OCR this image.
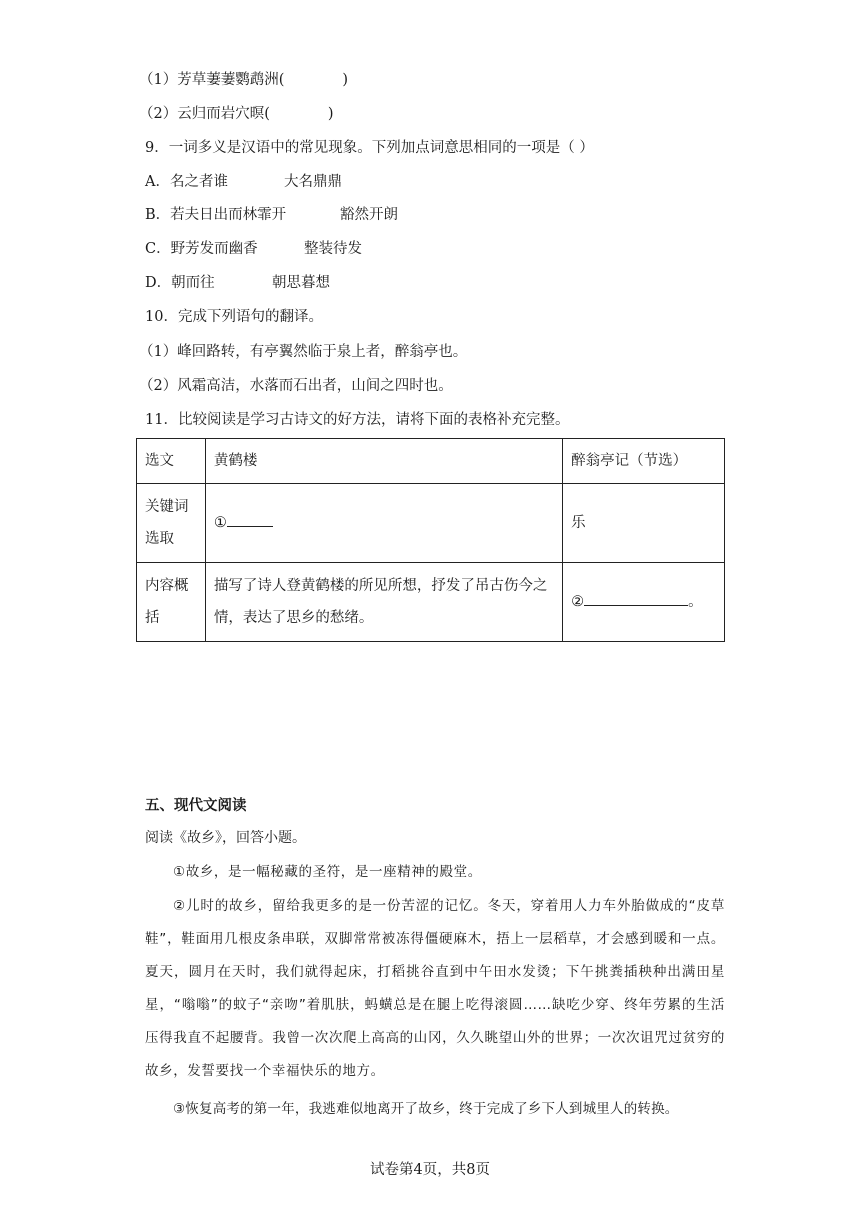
（1）芳草萋萋鹦鹉洲(	)
（2）云归而岩穴暝(	)
9．一词多义是汉语中的常见现象。下列加点词意思相同的一项是（ ）
A．名之者谁	大名鼎鼎
B．若夫日出而林霏开	豁然开朗
C．野芳发而幽香	整装待发
D．朝而往	朝思暮想
10．完成下列语句的翻译。
（1）峰回路转，有亭翼然临于泉上者，醉翁亭也。
（2）风霜高洁，水落而石出者，山间之四时也。
11．比较阅读是学习古诗文的好方法，请将下面的表格补充完整。
选文	黄鹤楼	醉翁亭记（节选）
关键词选取	①	乐
内容概括	描写了诗人登黄鹤楼的所见所想，抒发了吊古伤今之情，表达了思乡的愁绪。	② 。
五、现代文阅读
阅读《故乡》，回答小题。
①故乡，是一幅秘藏的圣符，是一座精神的殿堂。
②儿时的故乡，留给我更多的是一份苦涩的记忆。冬天，穿着用人力车外胎做成的“皮草鞋”，鞋面用几根皮条串联，双脚常常被冻得僵硬麻木，捂上一层稻草，才会感到暖和一点。夏天，圆月在天时，我们就得起床，打稻挑谷直到中午田水发烫；下午挑粪插秧种出满田星星，“嗡嗡”的蚊子“亲吻”着肌肤，蚂蟥总是在腿上吃得滚圆……缺吃少穿、终年劳累的生活压得我直不起腰背。我曾一次次爬上高高的山冈，久久眺望山外的世界；一次次诅咒过贫穷的故乡，发誓要找一个幸福快乐的地方。
③恢复高考的第一年，我逃难似地离开了故乡，终于完成了乡下人到城里人的转换。
试卷第4页，共8页
